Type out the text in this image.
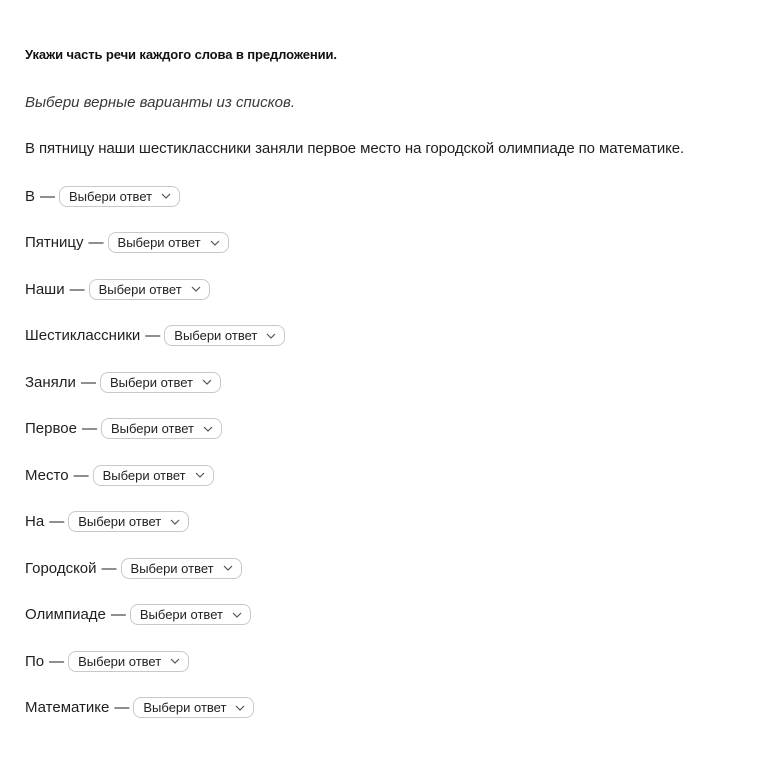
Укажи часть речи каждого слова в предложении.
Выбери верные варианты из списков.
В пятницу наши шестиклассники заняли первое место на городской олимпиаде по математике.
В — Выбери ответ
Пятницу — Выбери ответ
Наши — Выбери ответ
Шестиклассники — Выбери ответ
Заняли — Выбери ответ
Первое — Выбери ответ
Место — Выбери ответ
На — Выбери ответ
Городской — Выбери ответ
Олимпиаде — Выбери ответ
По — Выбери ответ
Математике — Выбери ответ
